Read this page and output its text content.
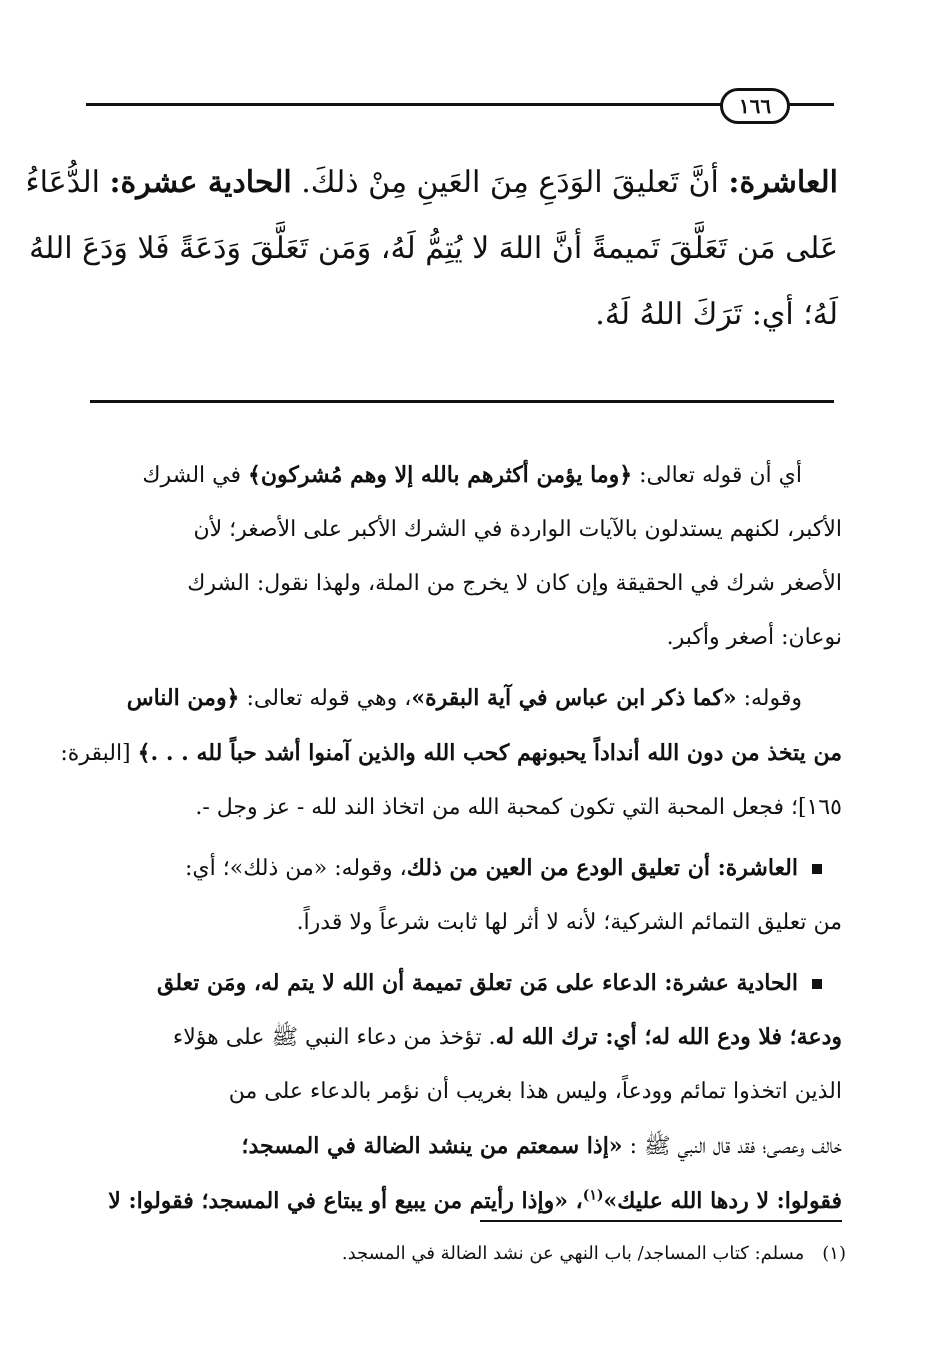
١٦٦
العاشرة: أنَّ تَعليقَ الوَدَعِ مِنَ العَينِ مِنْ ذلكَ. الحادية عشرة: الدُّعَاءُ
عَلى مَن تَعَلَّقَ تَميمةً أنَّ اللهَ لا يُتِمُّ لَهُ، وَمَن تَعَلَّقَ وَدَعَةً فَلا وَدَعَ اللهُ
لَهُ؛ أي: تَرَكَ اللهُ لَهُ.
أي أن قوله تعالى: ﴿وما يؤمن أكثرهم بالله إلا وهم مُشركون﴾ في الشرك
الأكبر، لكنهم يستدلون بالآيات الواردة في الشرك الأكبر على الأصغر؛ لأن
الأصغر شرك في الحقيقة وإن كان لا يخرج من الملة، ولهذا نقول: الشرك
نوعان: أصغر وأكبر.
وقوله: «كما ذكر ابن عباس في آية البقرة»، وهي قوله تعالى: ﴿ومن الناس
من يتخذ من دون الله أنداداً يحبونهم كحب الله والذين آمنوا أشد حباً لله . . .﴾ [البقرة:
١٦٥]؛ فجعل المحبة التي تكون كمحبة الله من اتخاذ الند لله - عز وجل -.
العاشرة: أن تعليق الودع من العين من ذلك، وقوله: «من ذلك»؛ أي:
من تعليق التمائم الشركية؛ لأنه لا أثر لها ثابت شرعاً ولا قدراً.
الحادية عشرة: الدعاء على مَن تعلق تميمة أن الله لا يتم له، ومَن تعلق
ودعة؛ فلا ودع الله له؛ أي: ترك الله له. تؤخذ من دعاء النبي ﷺ على هؤلاء
الذين اتخذوا تمائم وودعاً، وليس هذا بغريب أن نؤمر بالدعاء على من
خالف وعصى؛ فقد قال النبي ﷺ : «إذا سمعتم من ينشد الضالة في المسجد؛
فقولوا: لا ردها الله عليك»$^{(١)}$، «وإذا رأيتم من يبيع أو يبتاع في المسجد؛ فقولوا: لا
(١)مسلم: كتاب المساجد/ باب النهي عن نشد الضالة في المسجد.
